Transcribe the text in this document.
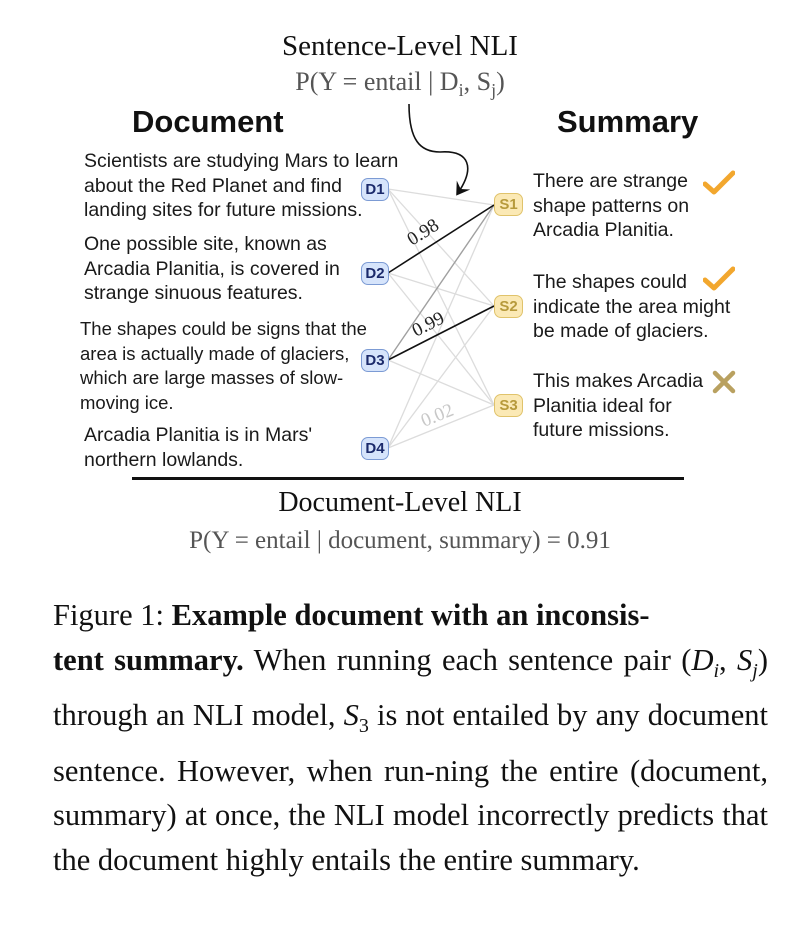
Sentence-Level NLI
P(Y = entail | $D_i$, $S_j$)
0.98
0.99
0.02
Document	Summary
Scientists are studying Mars to learn
about the Red Planet and find
landing sites for future missions.
One possible site, known as
Arcadia Planitia, is covered in
strange sinuous features.
The shapes could be signs that the
area is actually made of glaciers,
which are large masses of slow-
moving ice.
Arcadia Planitia is in Mars'
northern lowlands.
D1
D2
D3
D4
S1
S2
S3
There are strange
shape patterns on
Arcadia Planitia.
The shapes could
indicate the area might
be made of glaciers.
This makes Arcadia
Planitia ideal for
future missions.
Document-Level NLI
P(Y = entail | document, summary) = 0.91
Figure 1: Example document with an inconsis-
tent summary. When running each sentence pair ($D_i$, $S_j$) through an NLI model, $S_3$ is not entailed by any document sentence. However, when run-ning the entire (document, summary) at once, the NLI model incorrectly predicts that the document highly entails the entire summary.
